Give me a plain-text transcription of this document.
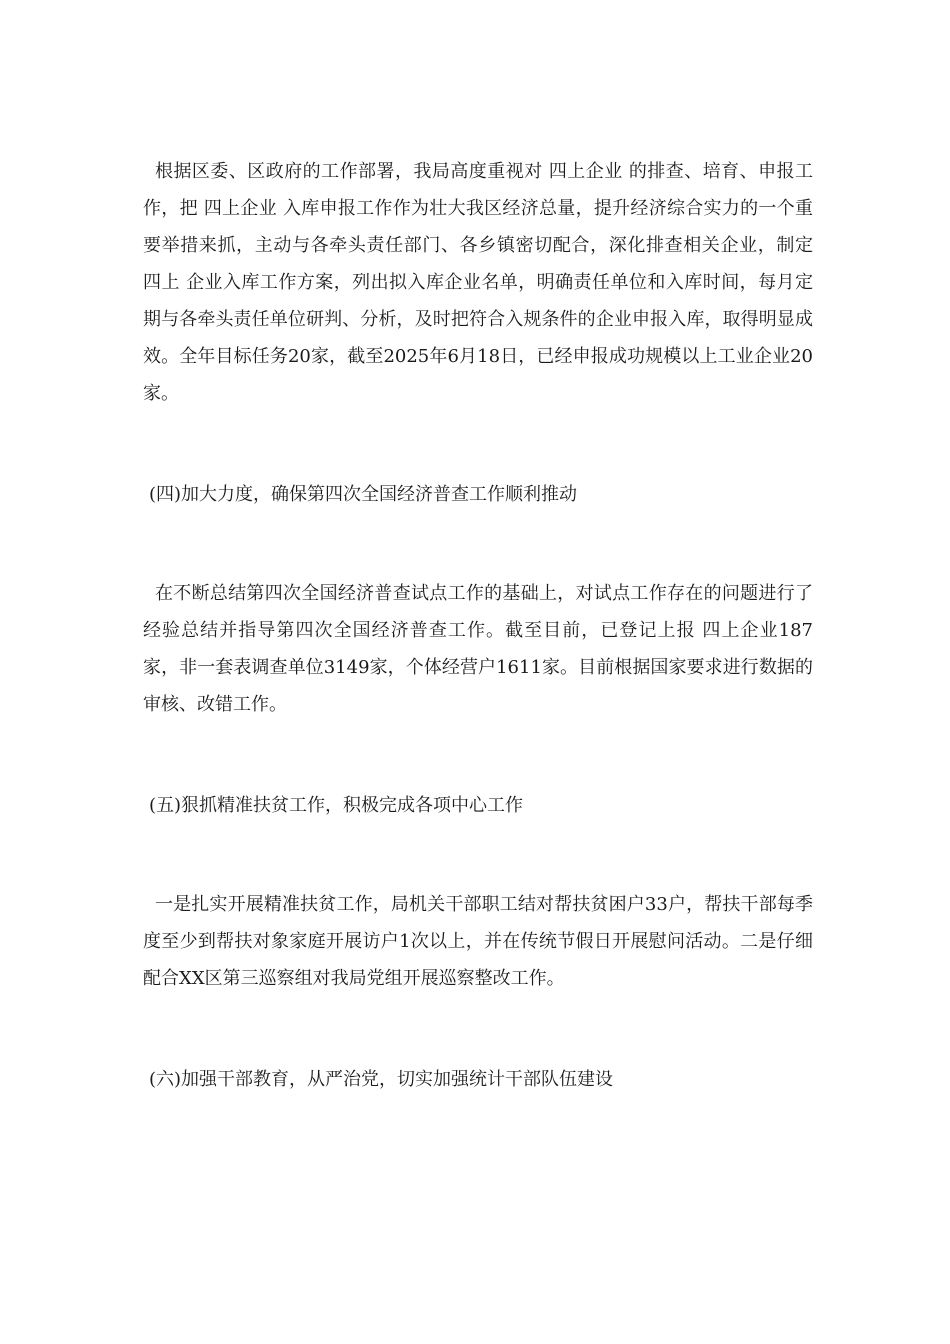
根据区委、区政府的工作部署，我局高度重视对 四上企业 的排查、培育、申报工作，把 四上企业 入库申报工作作为壮大我区经济总量，提升经济综合实力的一个重要举措来抓，主动与各牵头责任部门、各乡镇密切配合，深化排查相关企业，制定 四上 企业入库工作方案，列出拟入库企业名单，明确责任单位和入库时间，每月定期与各牵头责任单位研判、分析，及时把符合入规条件的企业申报入库，取得明显成效。全年目标任务20家，截至2025年6月18日，已经申报成功规模以上工业企业20家。

(四)加大力度，确保第四次全国经济普查工作顺利推动

在不断总结第四次全国经济普查试点工作的基础上，对试点工作存在的问题进行了经验总结并指导第四次全国经济普查工作。截至目前，已登记上报 四上企业187家，非一套表调查单位3149家，个体经营户1611家。目前根据国家要求进行数据的审核、改错工作。

(五)狠抓精准扶贫工作，积极完成各项中心工作

一是扎实开展精准扶贫工作，局机关干部职工结对帮扶贫困户33户，帮扶干部每季度至少到帮扶对象家庭开展访户1次以上，并在传统节假日开展慰问活动。二是仔细配合XX区第三巡察组对我局党组开展巡察整改工作。

(六)加强干部教育，从严治党，切实加强统计干部队伍建设
